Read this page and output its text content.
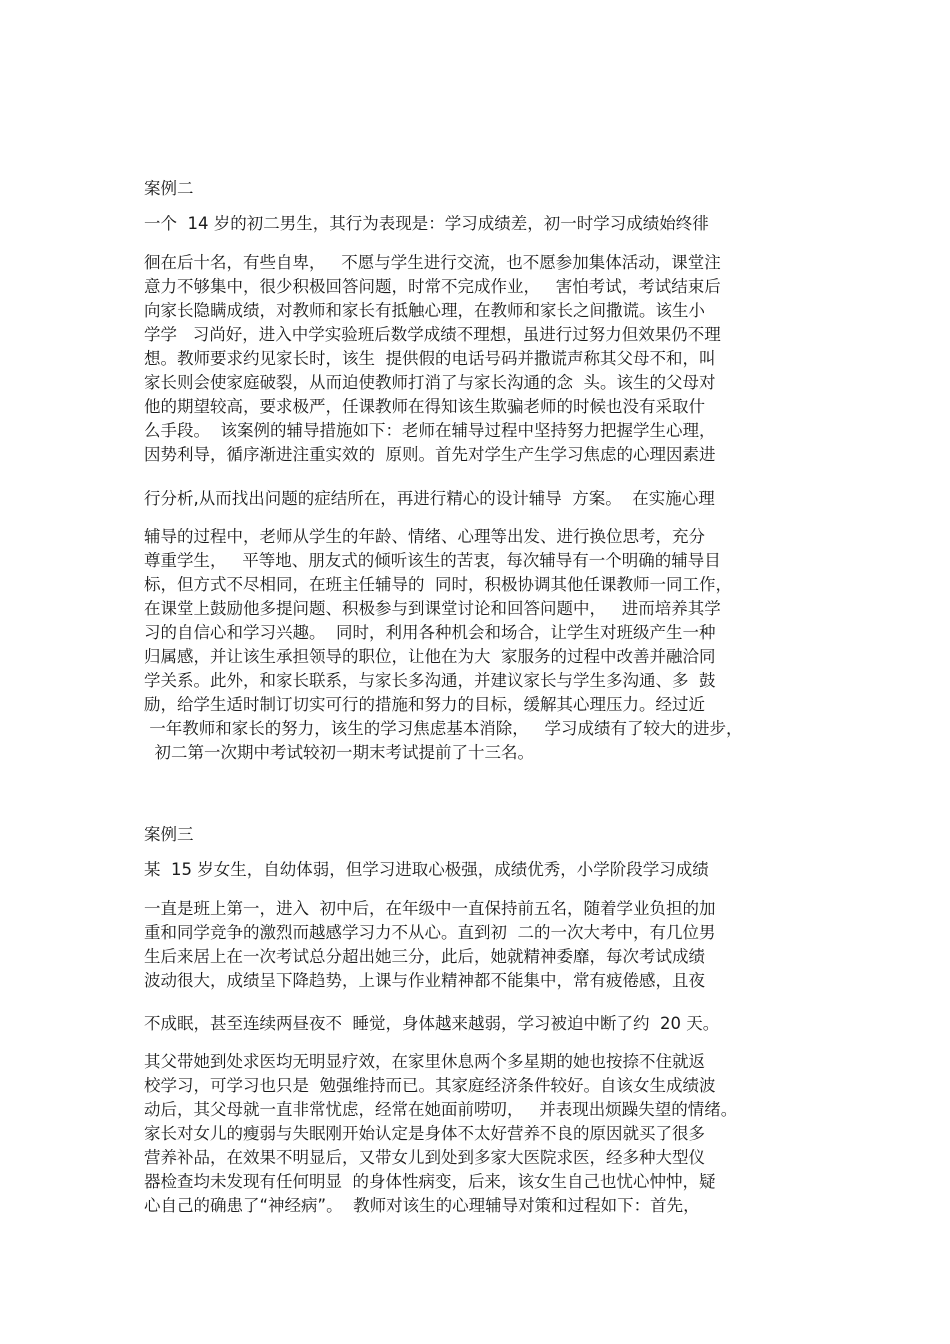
案例二
一个  14 岁的初二男生，其行为表现是：学习成绩差，初一时学习成绩始终徘
徊在后十名，有些自卑，   不愿与学生进行交流，也不愿参加集体活动，课堂注
意力不够集中，很少积极回答问题，时常不完成作业，   害怕考试，考试结束后
向家长隐瞒成绩，对教师和家长有抵触心理，在教师和家长之间撒谎。该生小
学学   习尚好，进入中学实验班后数学成绩不理想，虽进行过努力但效果仍不理
想。教师要求约见家长时，该生  提供假的电话号码并撒谎声称其父母不和，叫
家长则会使家庭破裂，从而迫使教师打消了与家长沟通的念  头。该生的父母对
他的期望较高，要求极严，任课教师在得知该生欺骗老师的时候也没有采取什
么手段。  该案例的辅导措施如下：老师在辅导过程中坚持努力把握学生心理，
因势利导，循序渐进注重实效的  原则。首先对学生产生学习焦虑的心理因素进
行分析,从而找出问题的症结所在，再进行精心的设计辅导  方案。  在实施心理
辅导的过程中，老师从学生的年龄、情绪、心理等出发、进行换位思考，充分
尊重学生，   平等地、朋友式的倾听该生的苦衷，每次辅导有一个明确的辅导目
标，但方式不尽相同，在班主任辅导的  同时，积极协调其他任课教师一同工作，
在课堂上鼓励他多提问题、积极参与到课堂讨论和回答问题中，   进而培养其学
习的自信心和学习兴趣。  同时，利用各种机会和场合，让学生对班级产生一种
归属感，并让该生承担领导的职位，让他在为大  家服务的过程中改善并融洽同
学关系。此外，和家长联系，与家长多沟通，并建议家长与学生多沟通、多  鼓
励，给学生适时制订切实可行的措施和努力的目标，缓解其心理压力。经过近
一年教师和家长的努力，该生的学习焦虑基本消除，   学习成绩有了较大的进步，
初二第一次期中考试较初一期末考试提前了十三名。
案例三
某  15 岁女生，自幼体弱，但学习进取心极强，成绩优秀，小学阶段学习成绩
一直是班上第一，进入  初中后，在年级中一直保持前五名，随着学业负担的加
重和同学竞争的激烈而越感学习力不从心。直到初  二的一次大考中，有几位男
生后来居上在一次考试总分超出她三分，此后，她就精神委靡，每次考试成绩
波动很大，成绩呈下降趋势，上课与作业精神都不能集中，常有疲倦感，且夜
不成眠，甚至连续两昼夜不  睡觉，身体越来越弱，学习被迫中断了约  20 天。
其父带她到处求医均无明显疗效，在家里休息两个多星期的她也按捺不住就返
校学习，可学习也只是  勉强维持而已。其家庭经济条件较好。自该女生成绩波
动后，其父母就一直非常忧虑，经常在她面前唠叨，   并表现出烦躁失望的情绪。
家长对女儿的瘦弱与失眠刚开始认定是身体不太好营养不良的原因就买了很多
营养补品，在效果不明显后，又带女儿到处到多家大医院求医，经多种大型仪
器检查均未发现有任何明显  的身体性病变，后来，该女生自己也忧心忡忡，疑
心自己的确患了“神经病”。  教师对该生的心理辅导对策和过程如下：首先，
